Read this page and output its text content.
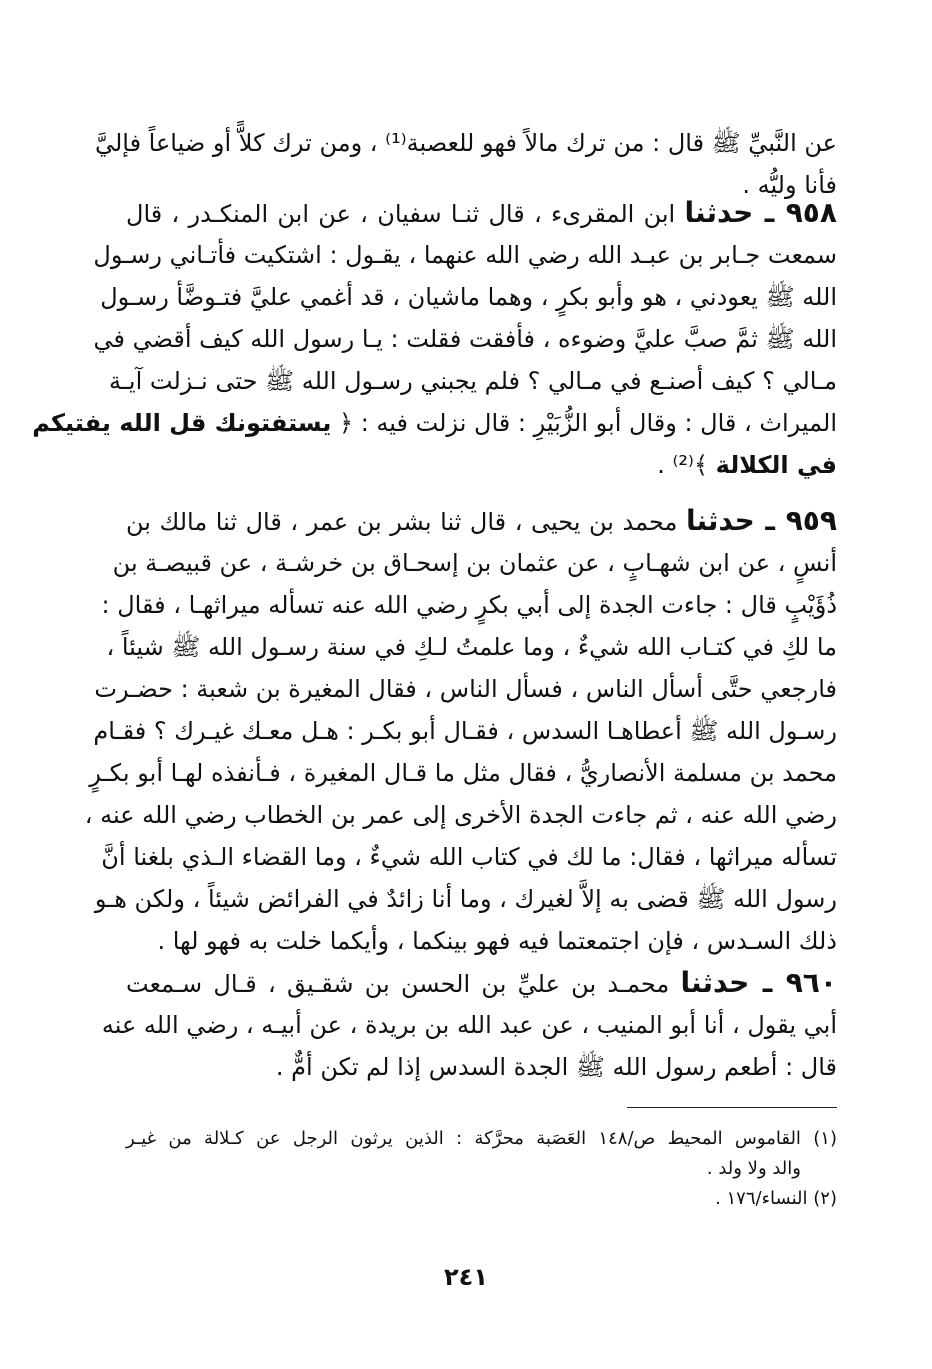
عن النَّبيِّ ﷺ قال : من ترك مالاً فهو للعصبة⁽¹⁾ ، ومن ترك كلاًّ أو ضياعاً فإليَّ
فأنا وليُّه .
٩٥٨ ـ حدثنا ابن المقرىء ، قال ثنـا سفيان ، عن ابن المنكـدر ، قال
سمعت جـابر بن عبـد الله رضي الله عنهما ، يقـول : اشتكيت فأتـاني رسـول
الله ﷺ يعودني ، هو وأبو بكرٍ ، وهما ماشيان ، قد أغمي عليَّ فتـوضَّأ رسـول
الله ﷺ ثمَّ صبَّ عليَّ وضوءه ، فأفقت فقلت : يـا رسول الله كيف أقضي في
مـالي ؟ كيف أصنـع في مـالي ؟ فلم يجبني رسـول الله ﷺ حتى نـزلت آيـة
الميراث ، قال : وقال أبو الزُّبَيْرِ : قال نزلت فيه : ﴿ يستفتونك قل الله يفتيكم
في الكلالة ﴾⁽²⁾ .
٩٥٩ ـ حدثنا محمد بن يحيى ، قال ثنا بشر بن عمر ، قال ثنا مالك بن
أنسٍ ، عن ابن شهـابٍ ، عن عثمان بن إسحـاق بن خرشـة ، عن قبيصـة بن
ذُؤَيْبٍ قال : جاءت الجدة إلى أبي بكرٍ رضي الله عنه تسأله ميراثهـا ، فقال :
ما لكِ في كتـاب الله شيءٌ ، وما علمتُ لـكِ في سنة رسـول الله ﷺ شيئاً ،
فارجعي حتَّى أسأل الناس ، فسأل الناس ، فقال المغيرة بن شعبة : حضـرت
رسـول الله ﷺ أعطاهـا السدس ، فقـال أبو بكـر : هـل معـك غيـرك ؟ فقـام
محمد بن مسلمة الأنصاريُّ ، فقال مثل ما قـال المغيرة ، فـأنفذه لهـا أبو بكـرٍ
رضي الله عنه ، ثم جاءت الجدة الأخرى إلى عمر بن الخطاب رضي الله عنه ،
تسأله ميراثها ، فقال: ما لك في كتاب الله شيءٌ ، وما القضاء الـذي بلغنا أنَّ
رسول الله ﷺ قضى به إلاَّ لغيرك ، وما أنا زائدٌ في الفرائض شيئاً ، ولكن هـو
ذلك السـدس ، فإن اجتمعتما فيه فهو بينكما ، وأيكما خلت به فهو لها .
٩٦٠ ـ حدثنا محمـد بن عليِّ بن الحسن بن شقـيق ، قـال سـمعت
أبي يقول ، أنا أبو المنيب ، عن عبد الله بن بريدة ، عن أبيـه ، رضي الله عنه
قال : أطعم رسول الله ﷺ الجدة السدس إذا لم تكن أمٌّ .
(١) القاموس المحيط ص/١٤٨ العَصَبة محرَّكة : الذين يرثون الرجل عن كـلالة من غيـر
والد ولا ولد .
(٢) النساء/١٧٦ .
٢٤١
